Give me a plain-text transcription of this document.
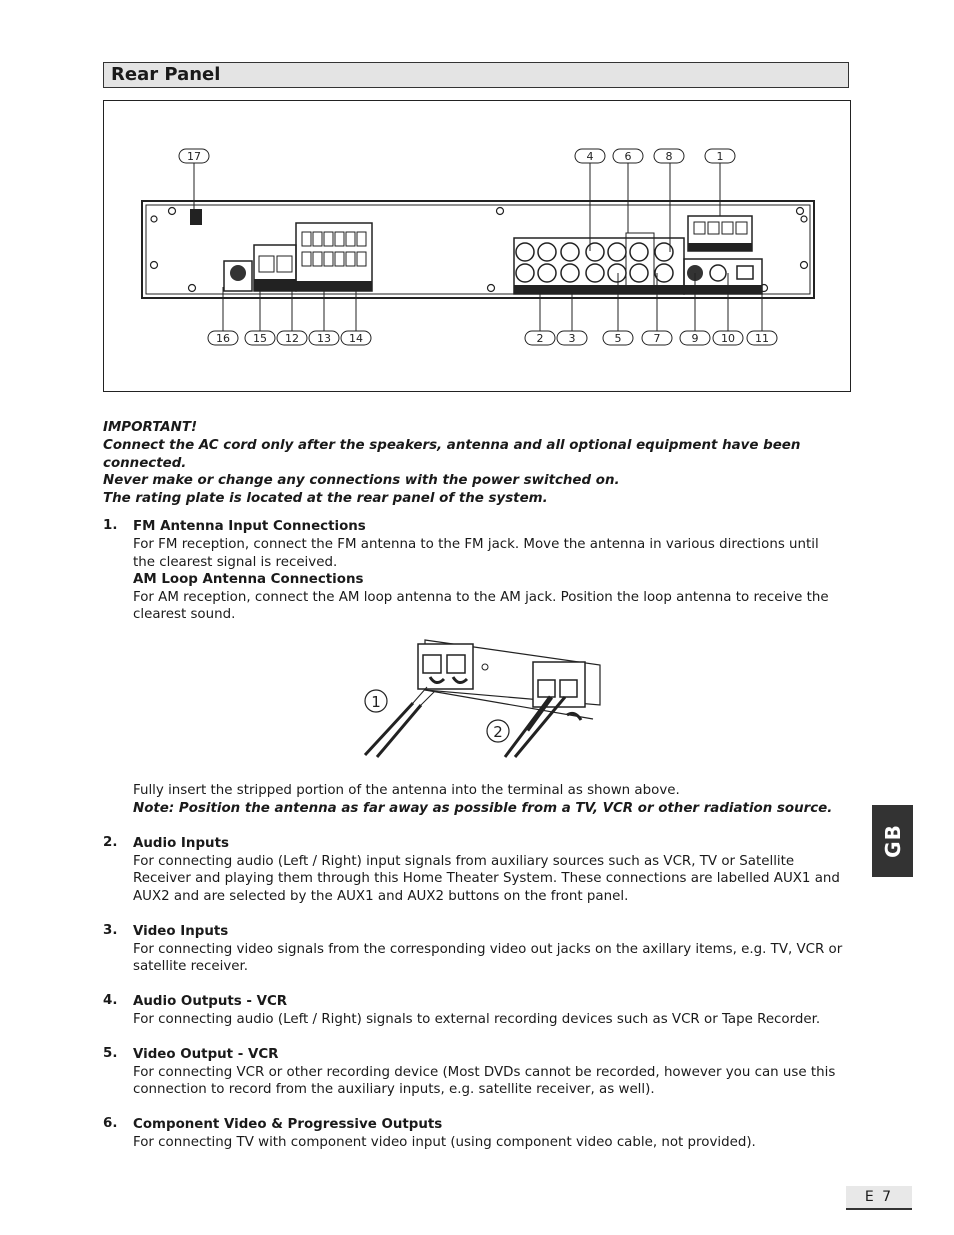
Rear Panel
17	4	6	8	1
16 15 12 13 14	2 3	5	7	9 10 11
IMPORTANT!
Connect the AC cord only after the speakers, antenna and all optional equipment have been
connected.
Never make or change any connections with the power switched on.
The rating plate is located at the rear panel of the system.
1. FM Antenna Input Connections
For FM reception, connect the FM antenna to the FM jack. Move the antenna in various directions until
the clearest signal is received.
AM Loop Antenna Connections
For AM reception, connect the AM loop antenna to the AM jack. Position the loop antenna to receive the
clearest sound.
1
2
Fully insert the stripped portion of the antenna into the terminal as shown above.
Note: Position the antenna as far away as possible from a TV, VCR or other radiation source.
2. Audio Inputs
For connecting audio (Left / Right) input signals from auxiliary sources such as VCR, TV or Satellite
Receiver and playing them through this Home Theater System. These connections are labelled AUX1 and
AUX2 and are selected by the AUX1 and AUX2 buttons on the front panel.
3. Video Inputs
For connecting video signals from the corresponding video out jacks on the axillary items, e.g. TV, VCR or
satellite receiver.
4. Audio Outputs - VCR
For connecting audio (Left / Right) signals to external recording devices such as VCR or Tape Recorder.
5. Video Output - VCR
For connecting VCR or other recording device (Most DVDs cannot be recorded, however you can use this
connection to record from the auxiliary inputs, e.g. satellite receiver, as well).
6. Component Video & Progressive Outputs
For connecting TV with component video input (using component video cable, not provided).
GB
E 7
